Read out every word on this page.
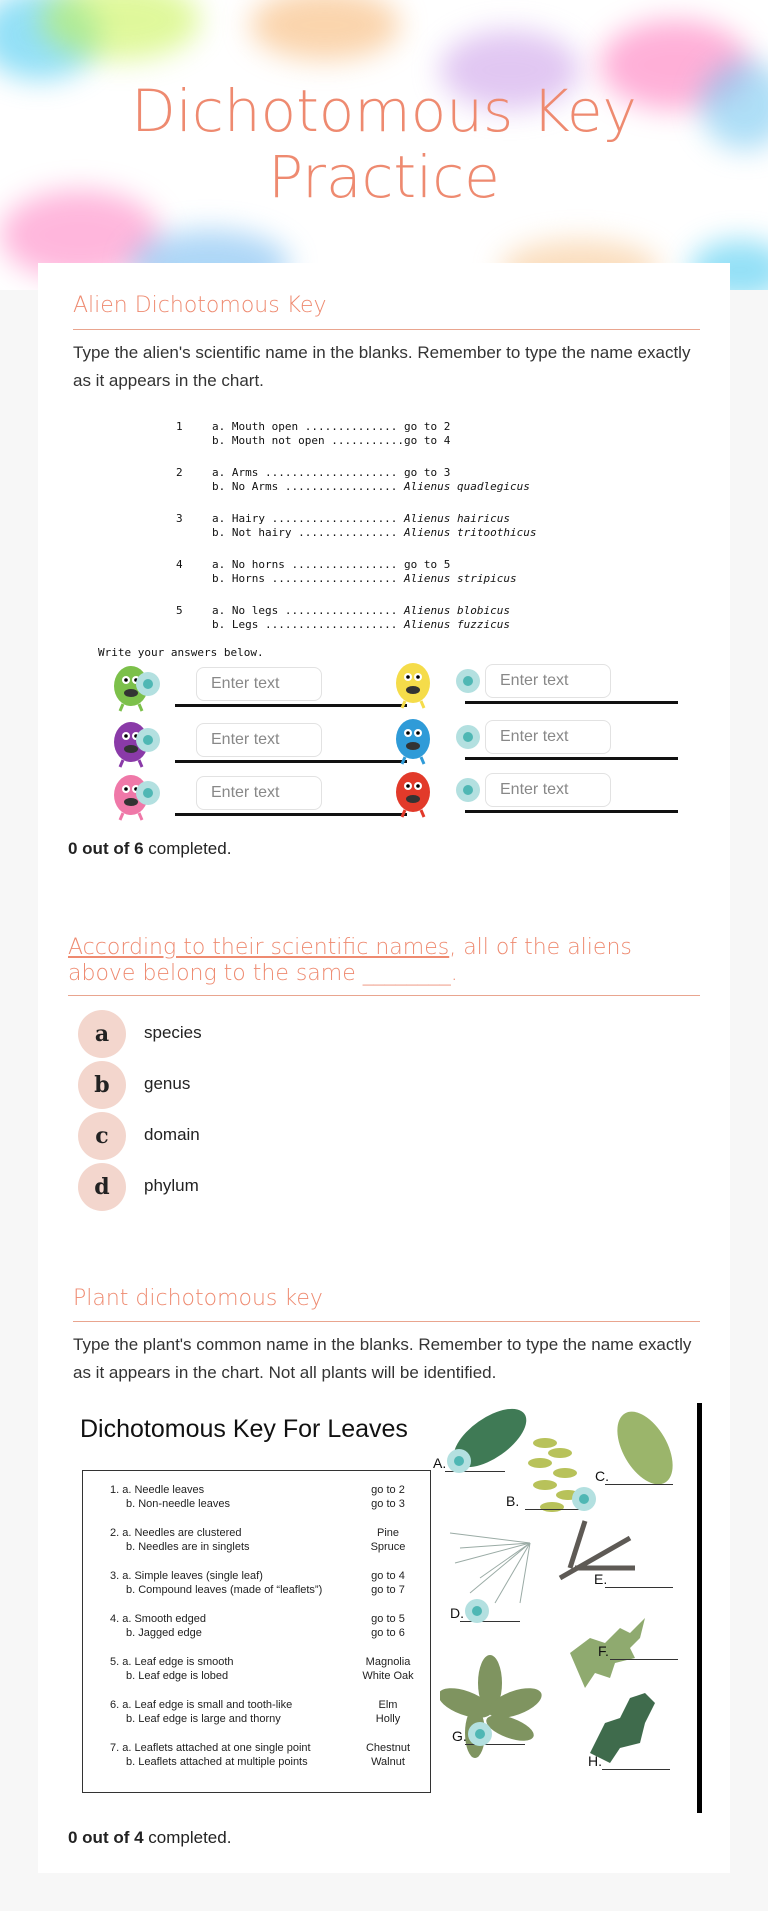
Dichotomous Key
Practice
Alien Dichotomous Key
Type the alien's scientific name in the blanks. Remember to type the name exactly as it appears in the chart.
1	a. Mouth open .............. go to 2
b. Mouth not open ........... go to 4
2	a. Arms .................... go to 3
b. No Arms ................. Alienus quadlegicus
3	a. Hairy ................... Alienus hairicus
b. Not hairy ............... Alienus tritoothicus
4	a. No horns ................ go to 5
b. Horns ................... Alienus stripicus
5	a. No legs ................. Alienus blobicus
b. Legs .................... Alienus fuzzicus
Write your answers below.
Enter text	Enter text
Enter text	Enter text
Enter text	Enter text
0 out of 6 completed.
According to their scientific names, all of the aliens above belong to the same ________.
a	species
b	genus
c	domain
d	phylum
Plant dichotomous key
Type the plant's common name in the blanks. Remember to type the name exactly as it appears in the chart. Not all plants will be identified.
Dichotomous Key For Leaves
1. a. Needle leaves	go to 2
b. Non-needle leaves	go to 3
2. a. Needles are clustered	Pine
b. Needles are in singlets	Spruce
3. a. Simple leaves (single leaf)	go to 4
b. Compound leaves (made of “leaflets”)	go to 7
4. a. Smooth edged	go to 5
b. Jagged edge	go to 6
5. a. Leaf edge is smooth	Magnolia
b. Leaf edge is lobed	White Oak
6. a. Leaf edge is small and tooth-like	Elm
b. Leaf edge is large and thorny	Holly
7. a. Leaflets attached at one single point	Chestnut
b. Leaflets attached at multiple points	Walnut
A.
B.
C.
D.
E.
F.
G.
H.
0 out of 4 completed.
